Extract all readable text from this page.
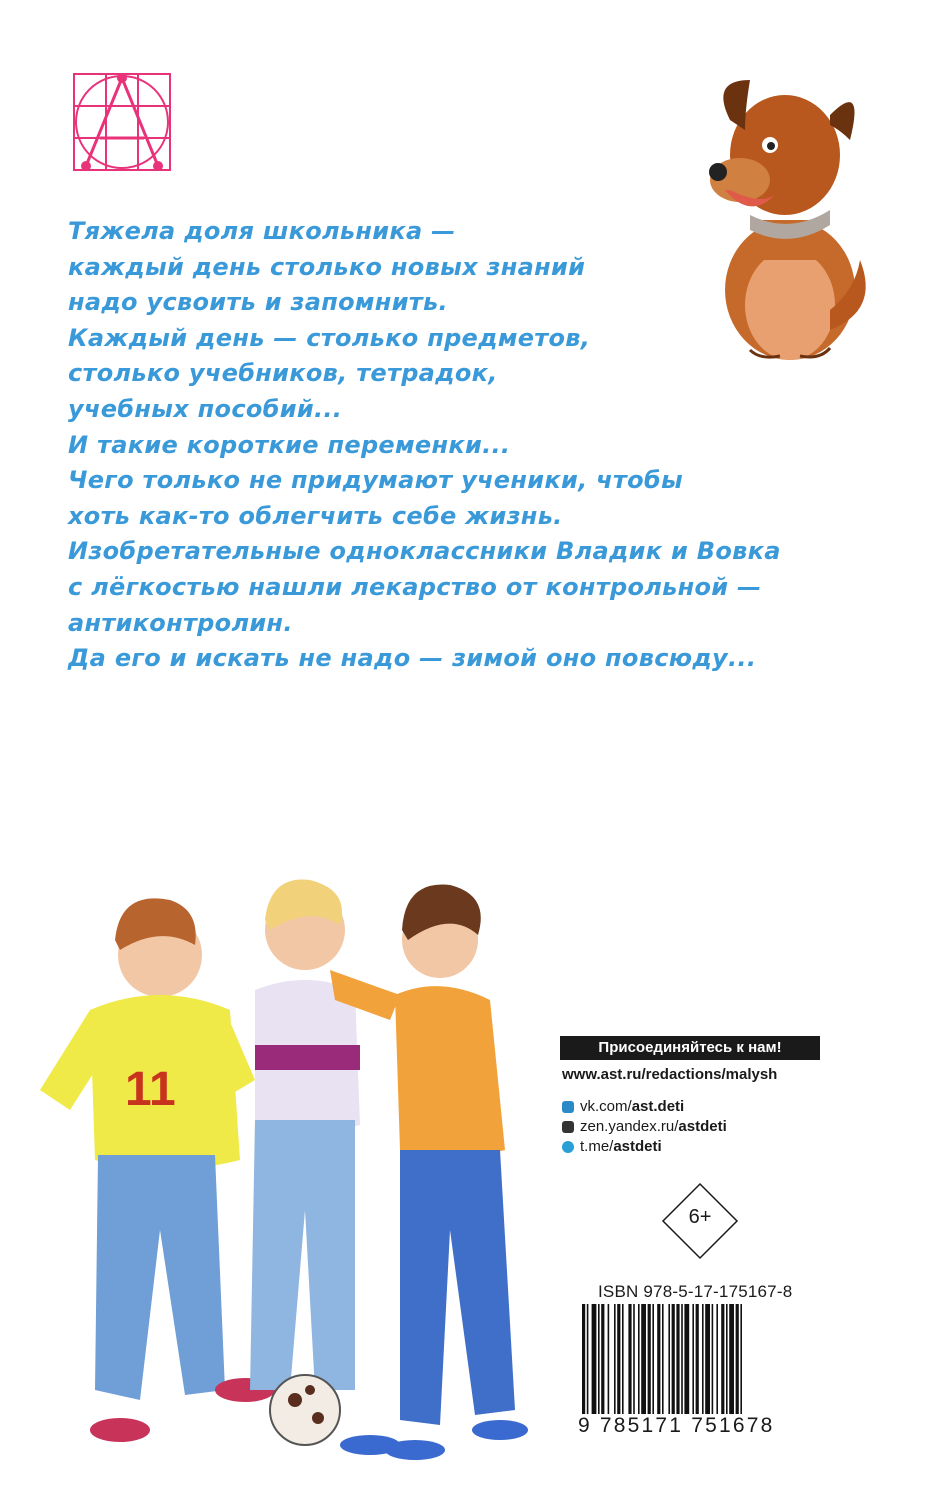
Тяжела доля школьника —
каждый день столько новых знаний
надо усвоить и запомнить.
Каждый день — столько предметов,
столько учебников, тетрадок,
учебных пособий...
И такие короткие переменки...
Чего только не придумают ученики, чтобы
хоть как-то облегчить себе жизнь.
Изобретательные одноклассники Владик и Вовка
с лёгкостью нашли лекарство от контрольной —
антиконтролин.
Да его и искать не надо — зимой оно повсюду...
11
Присоединяйтесь к нам!
www.ast.ru/redactions/malysh
vk.com/ ast.deti
zen.yandex.ru/ astdeti
t.me/ astdeti
6+
ISBN 978-5-17-175167-8
9 785171 751678
